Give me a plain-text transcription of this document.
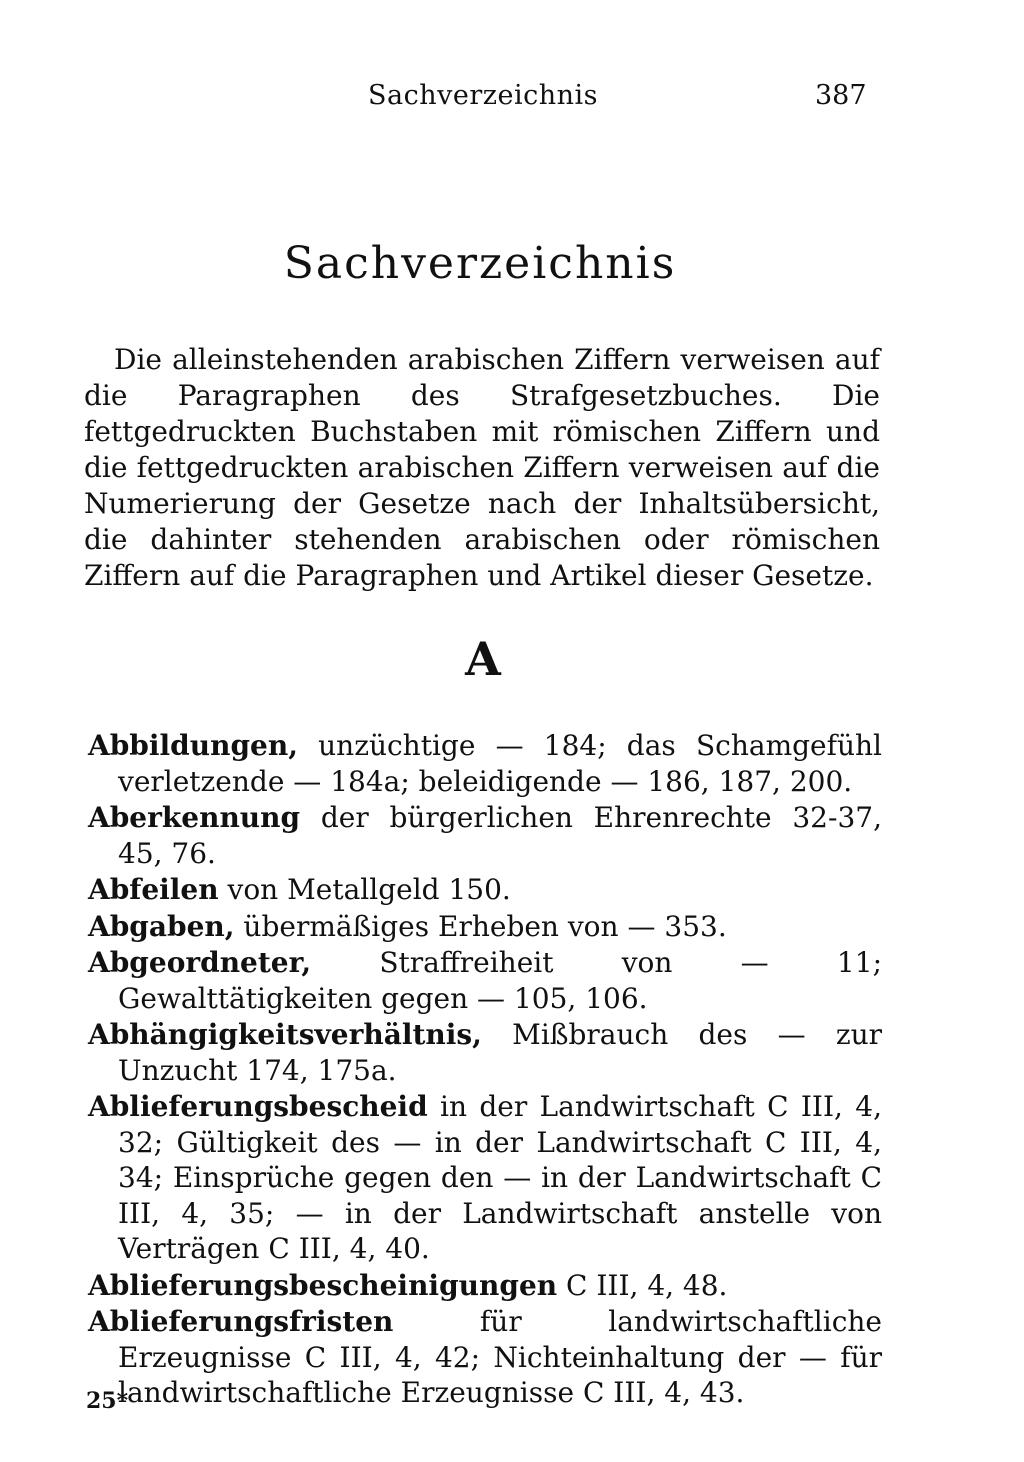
Sachverzeichnis	387
Sachverzeichnis

Die alleinstehenden arabischen Ziffern verweisen auf die Paragraphen des Strafgesetzbuches. Die fettgedruckten Buchstaben mit römischen Ziffern und die fettgedruckten arabischen Ziffern verweisen auf die Numerierung der Gesetze nach der Inhaltsübersicht, die dahinter stehenden arabischen oder römischen Ziffern auf die Paragraphen und Artikel dieser Gesetze.

A

Abbildungen, unzüchtige — 184; das Schamgefühl verletzende — 184a; beleidigende — 186, 187, 200.

Aberkennung der bürgerlichen Ehrenrechte 32-37, 45, 76.

Abfeilen von Metallgeld 150.

Abgaben, übermäßiges Erheben von — 353.

Abgeordneter, Straffreiheit von — 11; Gewalttätigkeiten gegen — 105, 106.

Abhängigkeitsverhältnis, Mißbrauch des — zur Unzucht 174, 175a.

Ablieferungsbescheid in der Landwirtschaft C III, 4, 32; Gültigkeit des — in der Landwirtschaft C III, 4, 34; Einsprüche gegen den — in der Landwirtschaft C III, 4, 35; — in der Landwirtschaft anstelle von Verträgen C III, 4, 40.

Ablieferungsbescheinigungen C III, 4, 48.

Ablieferungsfristen für landwirtschaftliche Erzeugnisse C III, 4, 42; Nichteinhaltung der — für landwirtschaftliche Erzeugnisse C III, 4, 43.

25*
